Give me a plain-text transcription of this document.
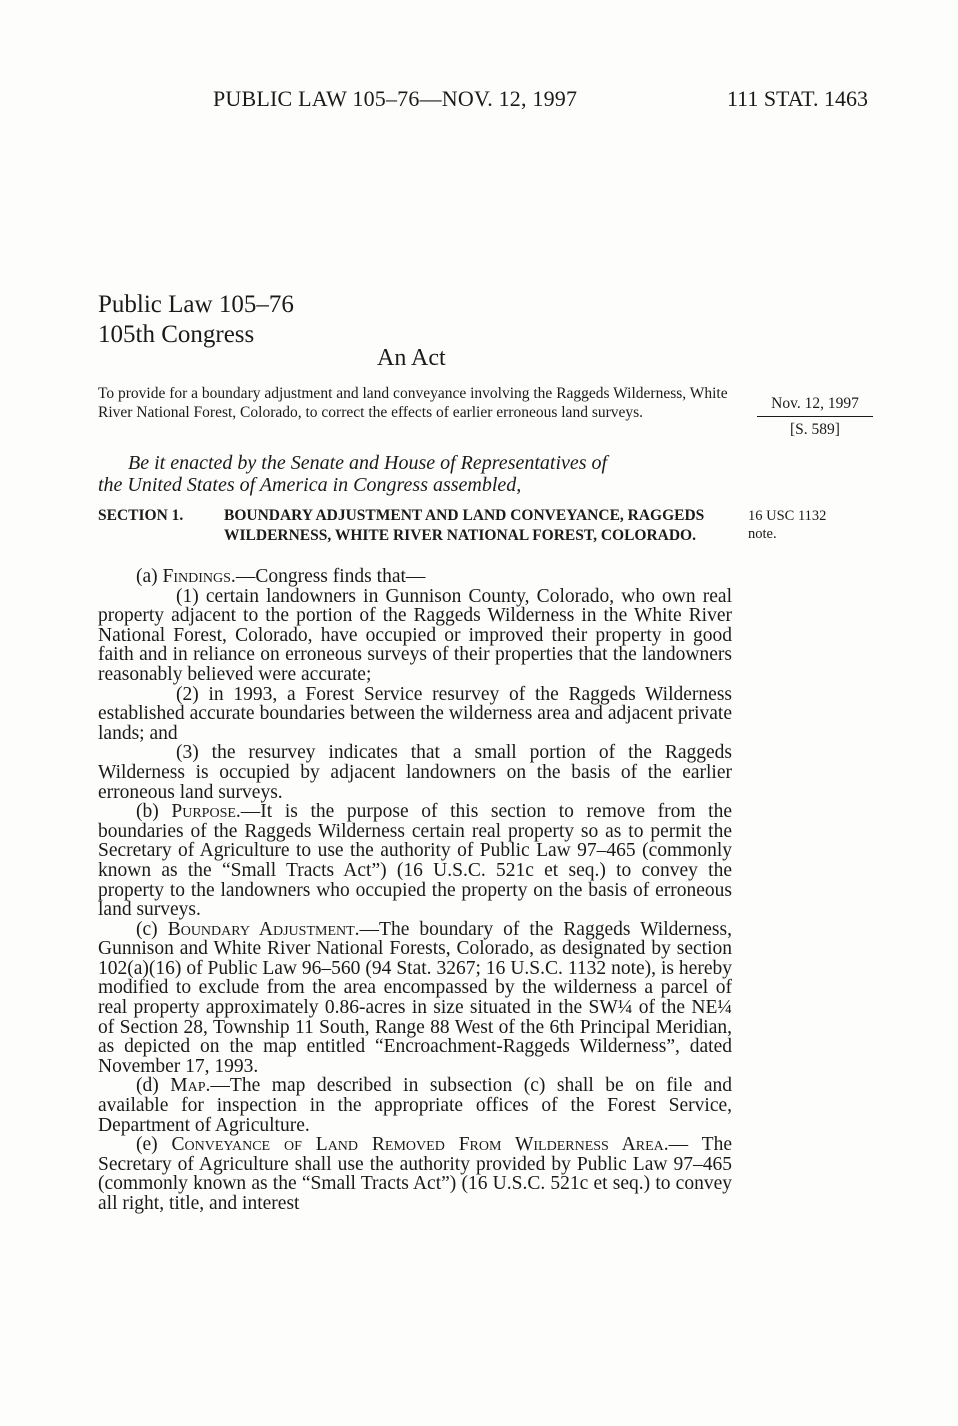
PUBLIC LAW 105–76—NOV. 12, 1997	111 STAT. 1463
Public Law 105–76
105th Congress
An Act
To provide for a boundary adjustment and land conveyance involving the Raggeds Wilderness, White River National Forest, Colorado, to correct the effects of earlier erroneous land surveys.
Nov. 12, 1997
[S. 589]
Be it enacted by the Senate and House of Representatives of
the United States of America in Congress assembled,
SECTION 1.	BOUNDARY ADJUSTMENT AND LAND CONVEYANCE, RAGGEDS WILDERNESS, WHITE RIVER NATIONAL FOREST, COLORADO.
16 USC 1132
note.

(a) Findings.—Congress finds that—

(1) certain landowners in Gunnison County, Colorado, who own real property adjacent to the portion of the Raggeds Wilderness in the White River National Forest, Colorado, have occupied or improved their property in good faith and in reliance on erroneous surveys of their properties that the landowners reasonably believed were accurate;

(2) in 1993, a Forest Service resurvey of the Raggeds Wilderness established accurate boundaries between the wilderness area and adjacent private lands; and

(3) the resurvey indicates that a small portion of the Raggeds Wilderness is occupied by adjacent landowners on the basis of the earlier erroneous land surveys.

(b) Purpose.—It is the purpose of this section to remove from the boundaries of the Raggeds Wilderness certain real property so as to permit the Secretary of Agriculture to use the authority of Public Law 97–465 (commonly known as the “Small Tracts Act”) (16 U.S.C. 521c et seq.) to convey the property to the landowners who occupied the property on the basis of erroneous land surveys.

(c) Boundary Adjustment.—The boundary of the Raggeds Wilderness, Gunnison and White River National Forests, Colorado, as designated by section 102(a)(16) of Public Law 96–560 (94 Stat. 3267; 16 U.S.C. 1132 note), is hereby modified to exclude from the area encompassed by the wilderness a parcel of real property approximately 0.86-acres in size situated in the SW¼ of the NE¼ of Section 28, Township 11 South, Range 88 West of the 6th Principal Meridian, as depicted on the map entitled “Encroachment-Raggeds Wilderness”, dated November 17, 1993.

(d) Map.—The map described in subsection (c) shall be on file and available for inspection in the appropriate offices of the Forest Service, Department of Agriculture.

(e) Conveyance of Land Removed From Wilderness Area.— The Secretary of Agriculture shall use the authority provided by Public Law 97–465 (commonly known as the “Small Tracts Act”) (16 U.S.C. 521c et seq.) to convey all right, title, and interest
